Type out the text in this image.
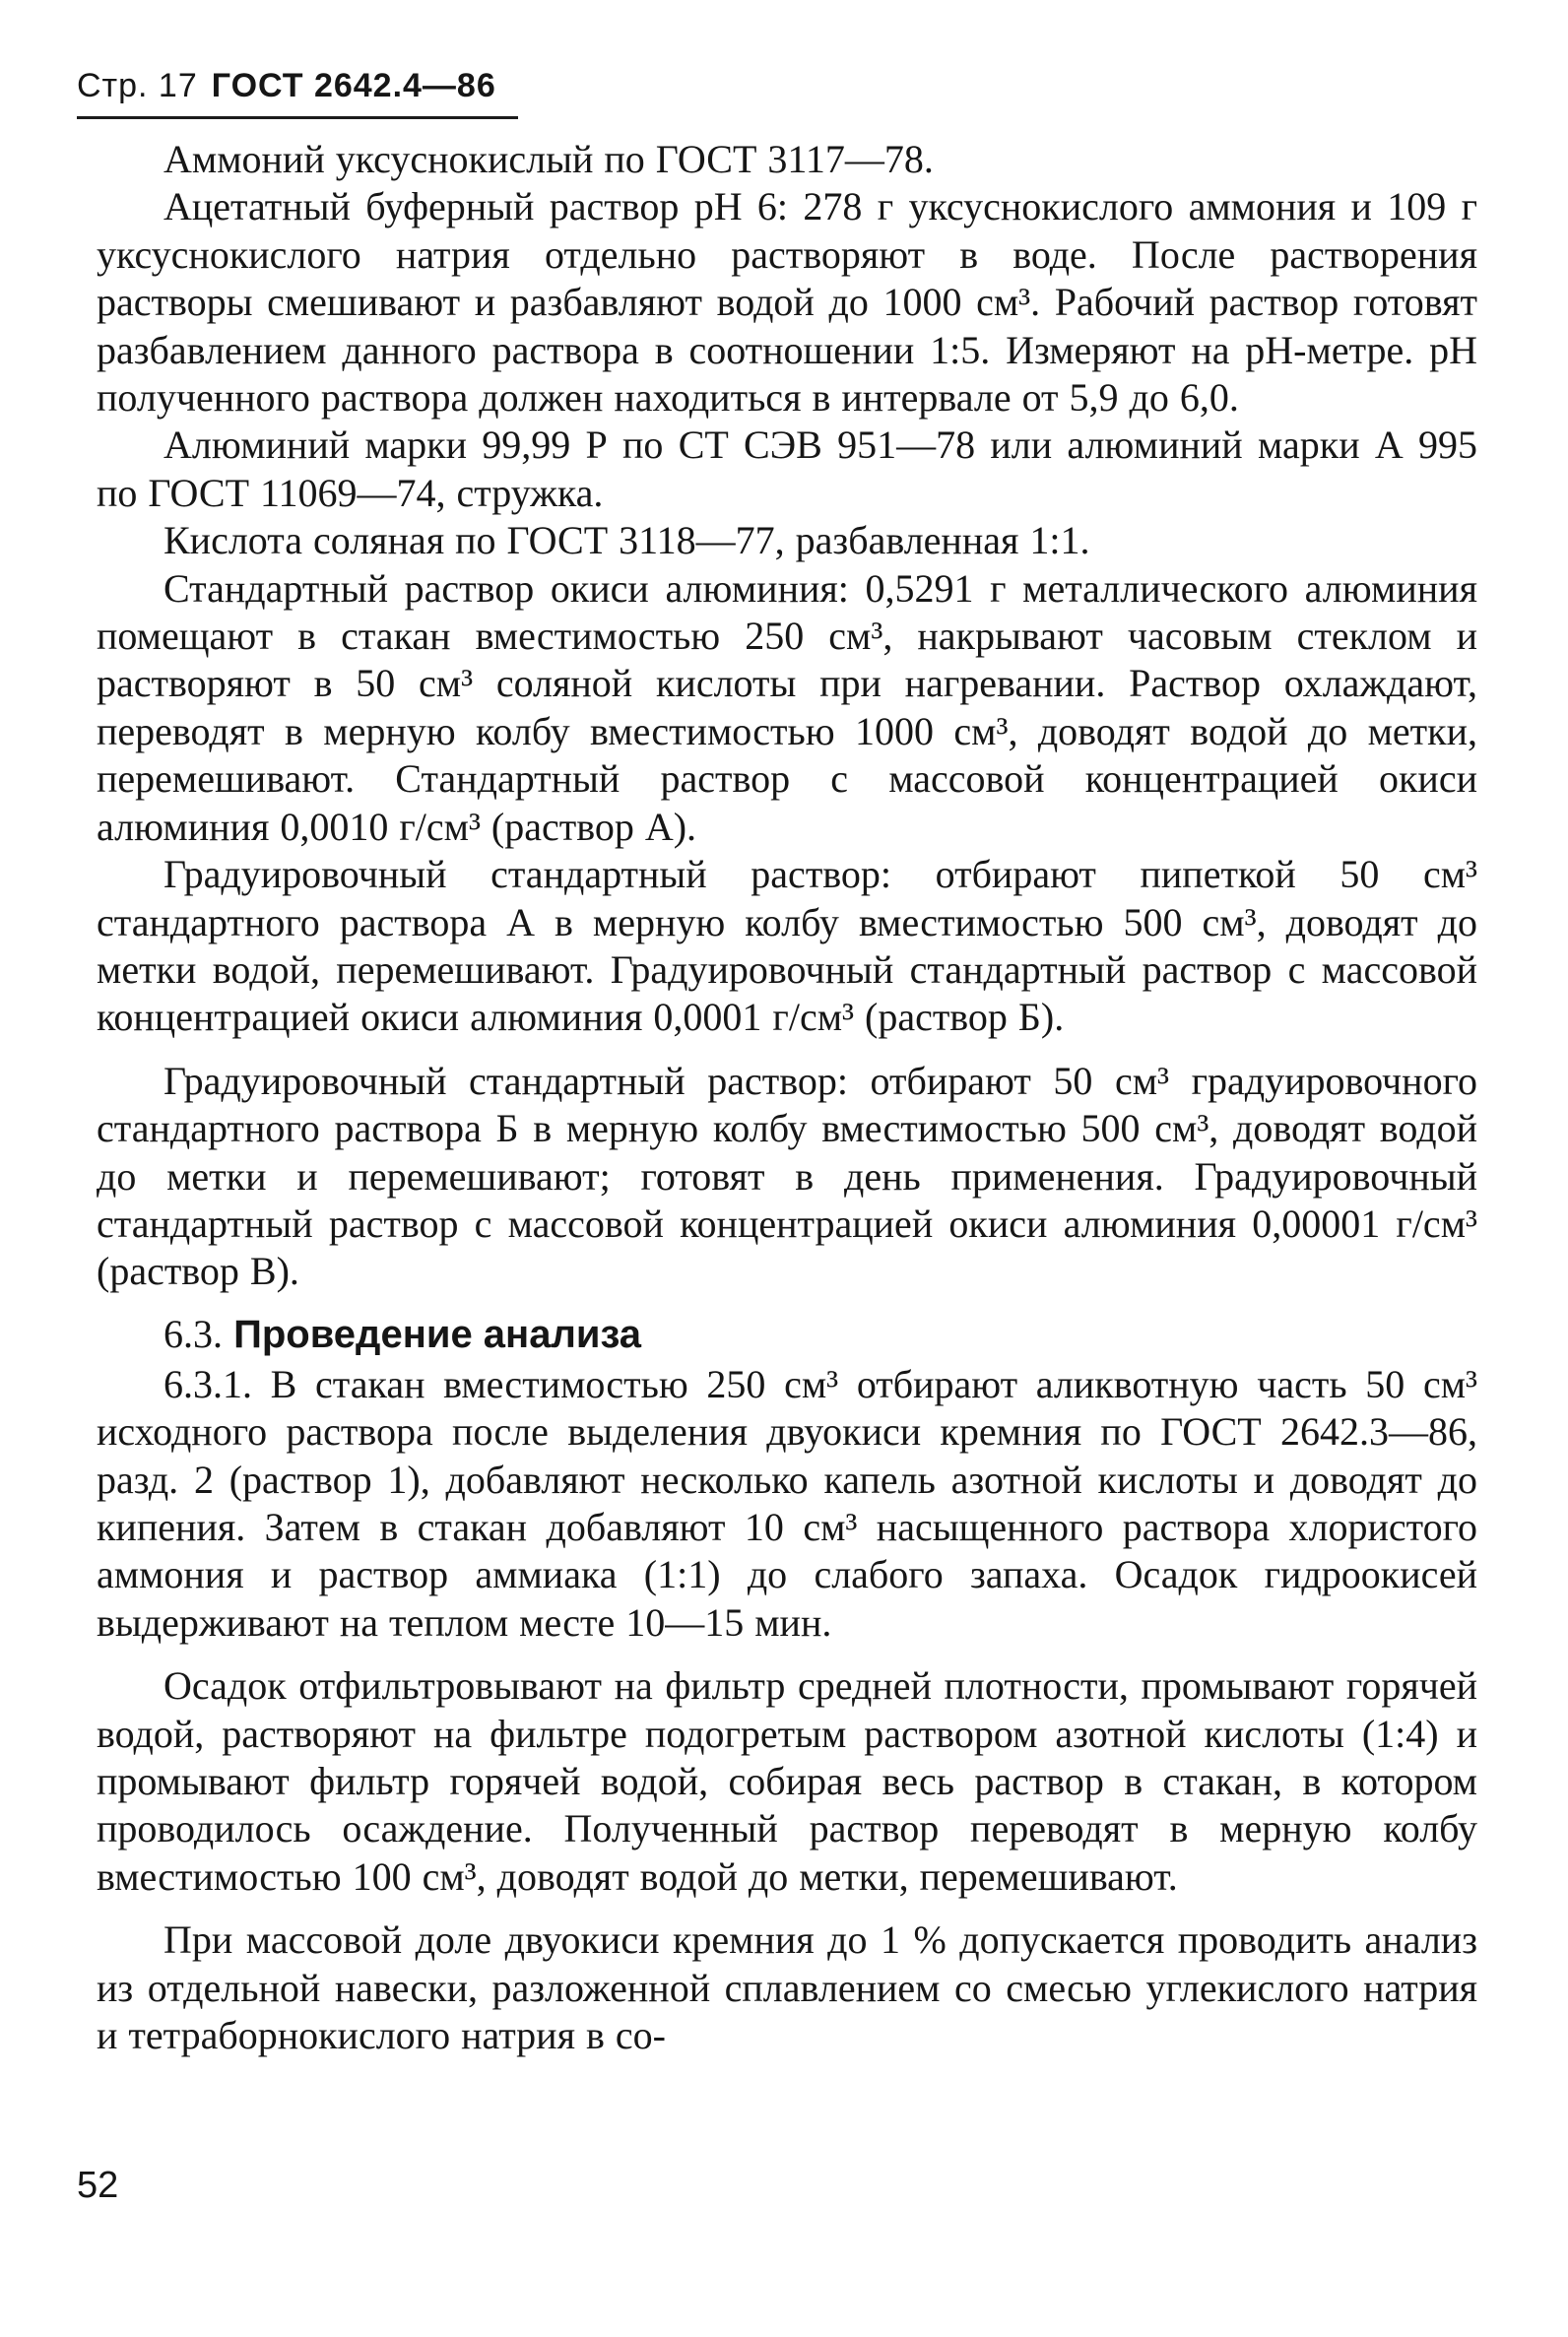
Стр. 17 ГОСТ 2642.4—86

Аммоний уксуснокислый по ГОСТ 3117—78.

Ацетатный буферный раствор рН 6: 278 г уксуснокислого аммония и 109 г уксуснокислого натрия отдельно растворяют в воде. После растворения растворы смешивают и разбавляют водой до 1000 см³. Рабочий раствор готовят разбавлением данного раствора в соотношении 1:5. Измеряют на рН-метре. рН полученного раствора должен находиться в интервале от 5,9 до 6,0.

Алюминий марки 99,99 Р по СТ СЭВ 951—78 или алюминий марки А 995 по ГОСТ 11069—74, стружка.

Кислота соляная по ГОСТ 3118—77, разбавленная 1:1.

Стандартный раствор окиси алюминия: 0,5291 г металлического алюминия помещают в стакан вместимостью 250 см³, накрывают часовым стеклом и растворяют в 50 см³ соляной кислоты при нагревании. Раствор охлаждают, переводят в мерную колбу вместимостью 1000 см³, доводят водой до метки, перемешивают. Стандартный раствор с массовой концентрацией окиси алюминия 0,0010 г/см³ (раствор А).

Градуировочный стандартный раствор: отбирают пипеткой 50 см³ стандартного раствора А в мерную колбу вместимостью 500 см³, доводят до метки водой, перемешивают. Градуировочный стандартный раствор с массовой концентрацией окиси алюминия 0,0001 г/см³ (раствор Б).

Градуировочный стандартный раствор: отбирают 50 см³ градуировочного стандартного раствора Б в мерную колбу вместимостью 500 см³, доводят водой до метки и перемешивают; готовят в день применения. Градуировочный стандартный раствор с массовой концентрацией окиси алюминия 0,00001 г/см³ (раствор В).

6.3. Проведение анализа

6.3.1. В стакан вместимостью 250 см³ отбирают аликвотную часть 50 см³ исходного раствора после выделения двуокиси кремния по ГОСТ 2642.3—86, разд. 2 (раствор 1), добавляют несколько капель азотной кислоты и доводят до кипения. Затем в стакан добавляют 10 см³ насыщенного раствора хлористого аммония и раствор аммиака (1:1) до слабого запаха. Осадок гидроокисей выдерживают на теплом месте 10—15 мин.

Осадок отфильтровывают на фильтр средней плотности, промывают горячей водой, растворяют на фильтре подогретым раствором азотной кислоты (1:4) и промывают фильтр горячей водой, собирая весь раствор в стакан, в котором проводилось осаждение. Полученный раствор переводят в мерную колбу вместимостью 100 см³, доводят водой до метки, перемешивают.

При массовой доле двуокиси кремния до 1 % допускается проводить анализ из отдельной навески, разложенной сплавлением со смесью углекислого натрия и тетраборнокислого натрия в со-

52
